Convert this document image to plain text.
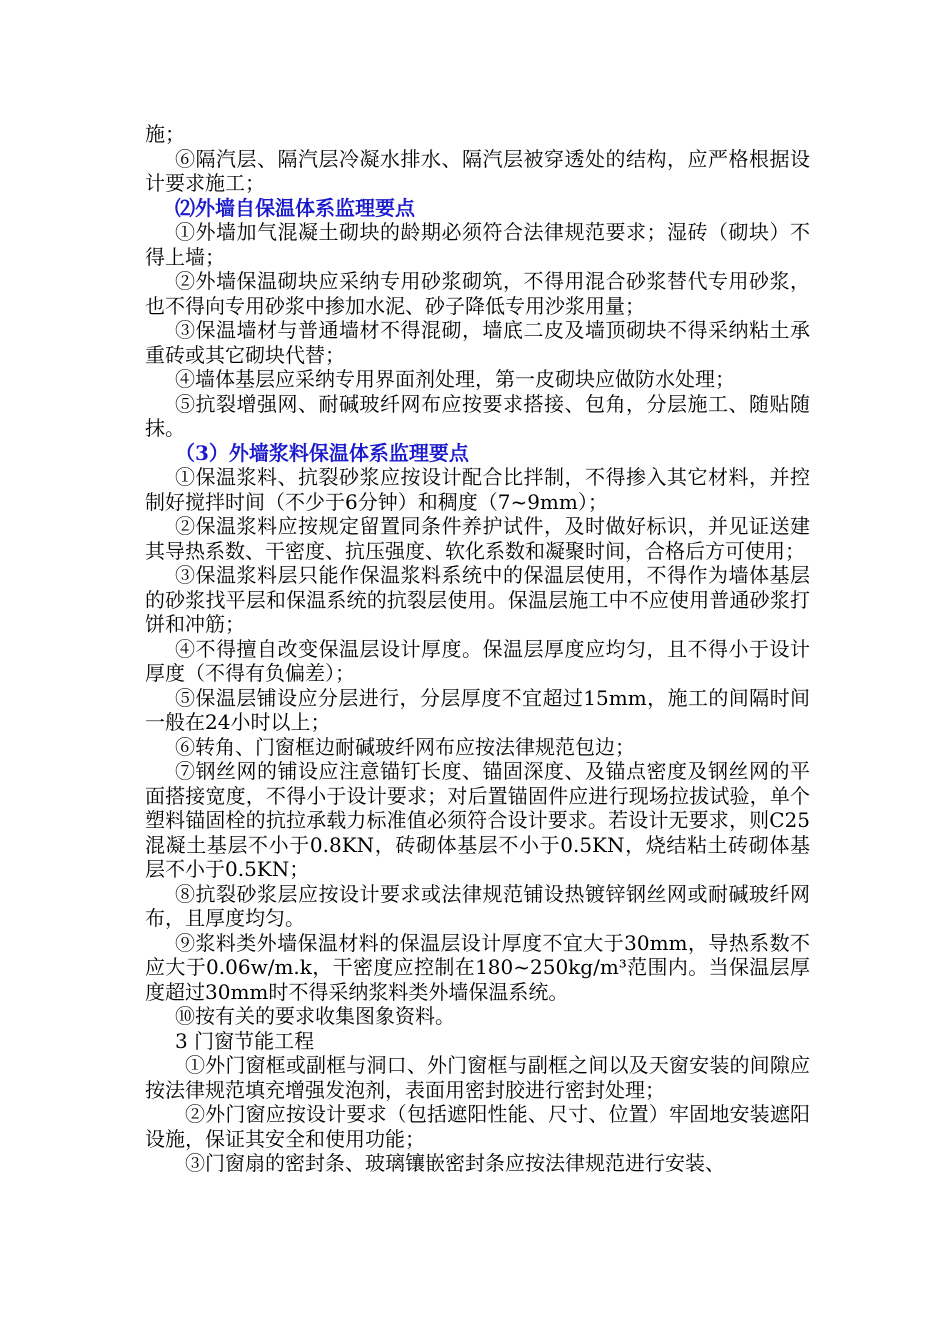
施；

⑥隔汽层、隔汽层冷凝水排水、隔汽层被穿透处的结构，应严格根据设计要求施工；

⑵外墙自保温体系监理要点

①外墙加气混凝土砌块的龄期必须符合法律规范要求；湿砖（砌块）不得上墙；

②外墙保温砌块应采纳专用砂浆砌筑，不得用混合砂浆替代专用砂浆，也不得向专用砂浆中掺加水泥、砂子降低专用沙浆用量；

③保温墙材与普通墙材不得混砌，墙底二皮及墙顶砌块不得采纳粘土承重砖或其它砌块代替；

④墙体基层应采纳专用界面剂处理，第一皮砌块应做防水处理；

⑤抗裂增强网、耐碱玻纤网布应按要求搭接、包角，分层施工、随贴随抹。

（3）外墙浆料保温体系监理要点

①保温浆料、抗裂砂浆应按设计配合比拌制，不得掺入其它材料，并控制好搅拌时间（不少于6分钟）和稠度（7~9mm）；

②保温浆料应按规定留置同条件养护试件，及时做好标识，并见证送建其导热系数、干密度、抗压强度、软化系数和凝聚时间，合格后方可使用；

③保温浆料层只能作保温浆料系统中的保温层使用，不得作为墙体基层的砂浆找平层和保温系统的抗裂层使用。保温层施工中不应使用普通砂浆打饼和冲筋；

④不得擅自改变保温层设计厚度。保温层厚度应均匀，且不得小于设计厚度（不得有负偏差）；

⑤保温层铺设应分层进行，分层厚度不宜超过15mm，施工的间隔时间一般在24小时以上；

⑥转角、门窗框边耐碱玻纤网布应按法律规范包边；

⑦钢丝网的铺设应注意锚钉长度、锚固深度、及锚点密度及钢丝网的平面搭接宽度，不得小于设计要求；对后置锚固件应进行现场拉拔试验，单个塑料锚固栓的抗拉承载力标准值必须符合设计要求。若设计无要求，则C25混凝土基层不小于0.8KN，砖砌体基层不小于0.5KN，烧结粘土砖砌体基层不小于0.5KN；

⑧抗裂砂浆层应按设计要求或法律规范铺设热镀锌钢丝网或耐碱玻纤网布，且厚度均匀。

⑨浆料类外墙保温材料的保温层设计厚度不宜大于30mm，导热系数不应大于0.06w/m.k，干密度应控制在180~250kg/m³范围内。当保温层厚度超过30mm时不得采纳浆料类外墙保温系统。

⑩按有关的要求收集图象资料。

3 门窗节能工程

①外门窗框或副框与洞口、外门窗框与副框之间以及天窗安装的间隙应按法律规范填充增强发泡剂，表面用密封胶进行密封处理；

②外门窗应按设计要求（包括遮阳性能、尺寸、位置）牢固地安装遮阳设施，保证其安全和使用功能；

③门窗扇的密封条、玻璃镶嵌密封条应按法律规范进行安装、
